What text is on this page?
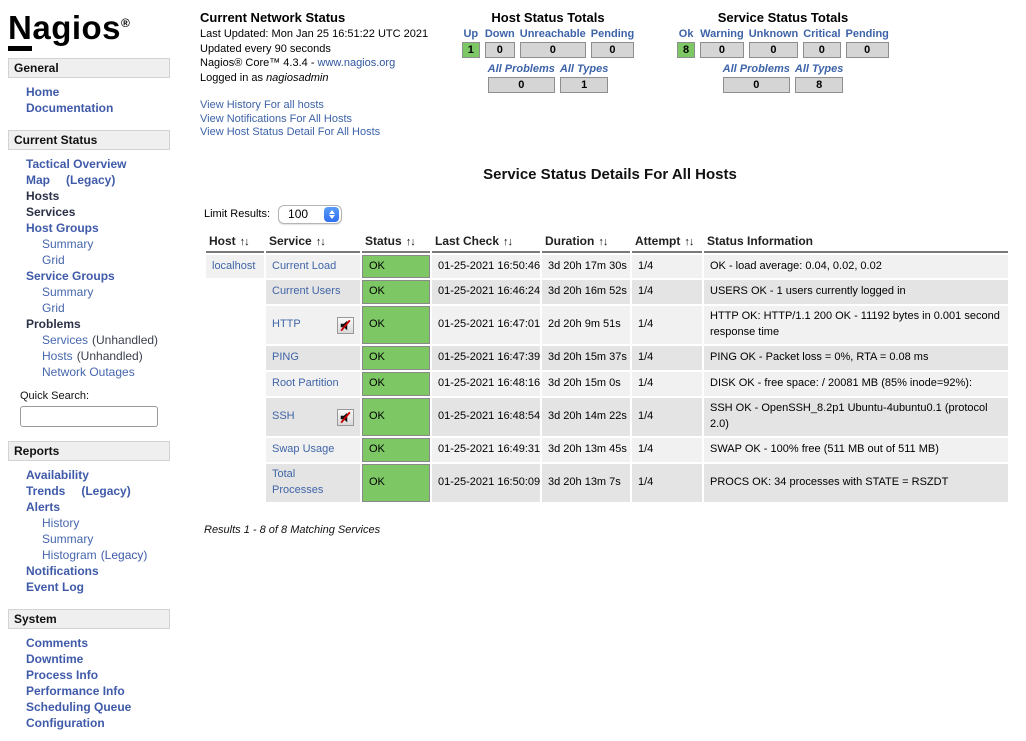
Nagios®
General
Home
Documentation
Current Status
Tactical Overview
Map (Legacy)
Hosts
Services
Host Groups
Summary
Grid
Service Groups
Summary
Grid
Problems
Services (Unhandled)
Hosts (Unhandled)
Network Outages
Quick Search:
Reports
Availability
Trends (Legacy)
Alerts
History
Summary
Histogram (Legacy)
Notifications
Event Log
System
Comments
Downtime
Process Info
Performance Info
Scheduling Queue
Configuration
Current Network Status
Last Updated: Mon Jan 25 16:51:22 UTC 2021
Updated every 90 seconds
Nagios® Core™ 4.3.4 - www.nagios.org
Logged in as nagiosadmin
View History For all hosts
View Notifications For All Hosts
View Host Status Detail For All Hosts
Host Status Totals
Up	Down	Unreachable	Pending

1	0	0	0
All Problems	All Types

0	1
Service Status Totals
Ok	Warning	Unknown	Critical	Pending

8	0	0	0	0
All Problems	All Types

0	8
Service Status Details For All Hosts
Limit Results: 100
Host ↑↓	Service ↑↓	Status ↑↓	Last Check ↑↓	Duration ↑↓	Attempt ↑↓	Status Information
localhost	Current Load	OK	01-25-2021 16:50:46	3d 20h 17m 30s	1/4	OK - load average: 0.04, 0.02, 0.02

	Current Users	OK	01-25-2021 16:46:24	3d 20h 16m 52s	1/4	USERS OK - 1 users currently logged in

	HTTP	OK	01-25-2021 16:47:01	2d 20h 9m 51s	1/4	HTTP OK: HTTP/1.1 200 OK - 11192 bytes in 0.001 second response time

	PING	OK	01-25-2021 16:47:39	3d 20h 15m 37s	1/4	PING OK - Packet loss = 0%, RTA = 0.08 ms

	Root Partition	OK	01-25-2021 16:48:16	3d 20h 15m 0s	1/4	DISK OK - free space: / 20081 MB (85% inode=92%):

	SSH	OK	01-25-2021 16:48:54	3d 20h 14m 22s	1/4	SSH OK - OpenSSH_8.2p1 Ubuntu-4ubuntu0.1 (protocol 2.0)

	Swap Usage	OK	01-25-2021 16:49:31	3d 20h 13m 45s	1/4	SWAP OK - 100% free (511 MB out of 511 MB)

	Total Processes	OK	01-25-2021 16:50:09	3d 20h 13m 7s	1/4	PROCS OK: 34 processes with STATE = RSZDT
Results 1 - 8 of 8 Matching Services
